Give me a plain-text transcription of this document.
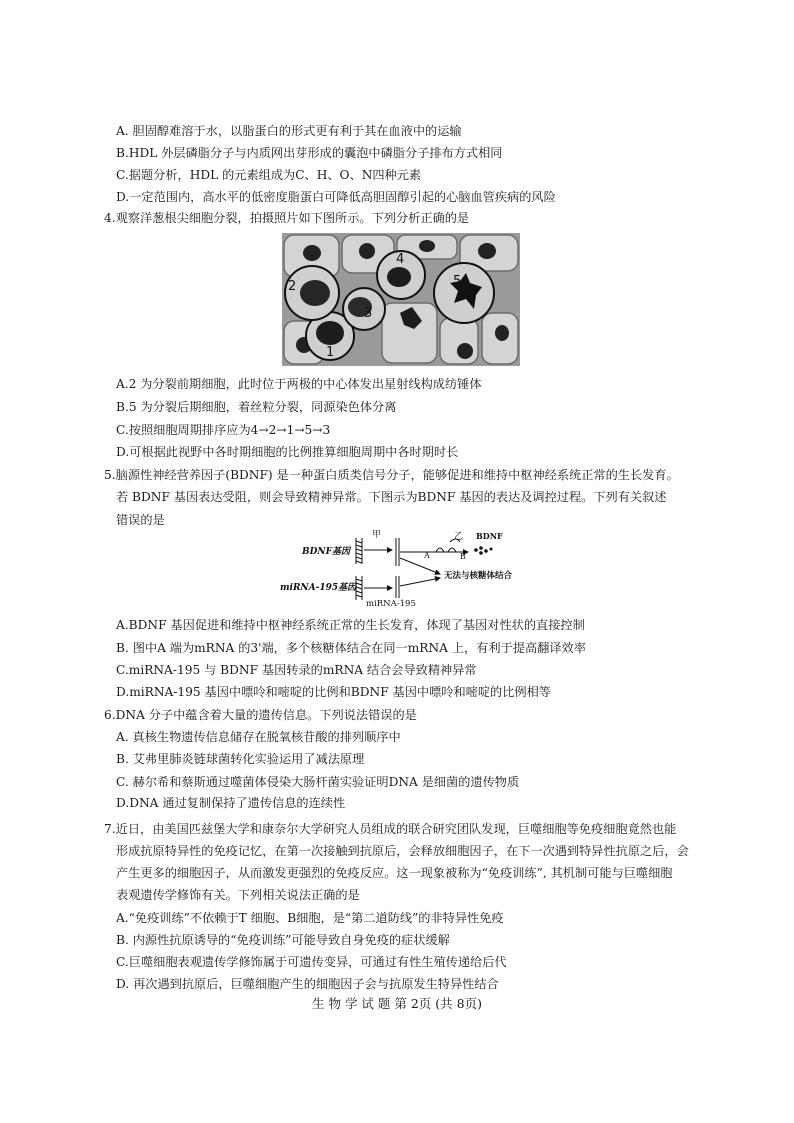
A. 胆固醇难溶于水，以脂蛋白的形式更有利于其在血液中的运输
B.HDL 外层磷脂分子与内质网出芽形成的囊泡中磷脂分子排布方式相同
C.据题分析，HDL 的元素组成为C、H、O、N四种元素
D.一定范围内，高水平的低密度脂蛋白可降低高胆固醇引起的心脑血管疾病的风险
4.观察洋葱根尖细胞分裂，拍摄照片如下图所示。下列分析正确的是
1
2
3
4
5
A.2 为分裂前期细胞，此时位于两极的中心体发出星射线构成纺锤体
B.5 为分裂后期细胞，着丝粒分裂，同源染色体分离
C.按照细胞周期排序应为4→2→1→5→3
D.可根据此视野中各时期细胞的比例推算细胞周期中各时期时长
5.脑源性神经营养因子(BDNF) 是一种蛋白质类信号分子，能够促进和维持中枢神经系统正常的生长发育。
若 BDNF 基因表达受阻，则会导致精神异常。下图示为BDNF 基因的表达及调控过程。下列有关叙述
错误的是
BDNF基因
miRNA-195基因
甲	乙 BDNF
A	B
无法与核糖体结合
miRNA-195
A.BDNF 基因促进和维持中枢神经系统正常的生长发育，体现了基因对性状的直接控制
B. 图中A 端为mRNA 的3'端，多个核糖体结合在同一mRNA 上，有利于提高翻译效率
C.miRNA-195 与 BDNF 基因转录的mRNA 结合会导致精神异常
D.miRNA-195 基因中嘌呤和嘧啶的比例和BDNF 基因中嘌呤和嘧啶的比例相等
6.DNA 分子中蕴含着大量的遗传信息。下列说法错误的是
A. 真核生物遗传信息储存在脱氧核苷酸的排列顺序中
B. 艾弗里肺炎链球菌转化实验运用了减法原理
C. 赫尔希和蔡斯通过噬菌体侵染大肠杆菌实验证明DNA 是细菌的遗传物质
D.DNA 通过复制保持了遗传信息的连续性
7.近日，由美国匹兹堡大学和康奈尔大学研究人员组成的联合研究团队发现，巨噬细胞等免疫细胞竟然也能
形成抗原特异性的免疫记忆，在第一次接触到抗原后，会释放细胞因子，在下一次遇到特异性抗原之后，会
产生更多的细胞因子，从而激发更强烈的免疫反应。这一现象被称为“免疫训练”, 其机制可能与巨噬细胞
表观遗传学修饰有关。下列相关说法正确的是
A.“免疫训练”不依赖于T 细胞、B细胞，是“第二道防线”的非特异性免疫
B. 内源性抗原诱导的“免疫训练”可能导致自身免疫的症状缓解
C.巨噬细胞表观遗传学修饰属于可遗传变异，可通过有性生殖传递给后代
D. 再次遇到抗原后，巨噬细胞产生的细胞因子会与抗原发生特异性结合
生 物 学 试 题 第 2页 (共 8页)
